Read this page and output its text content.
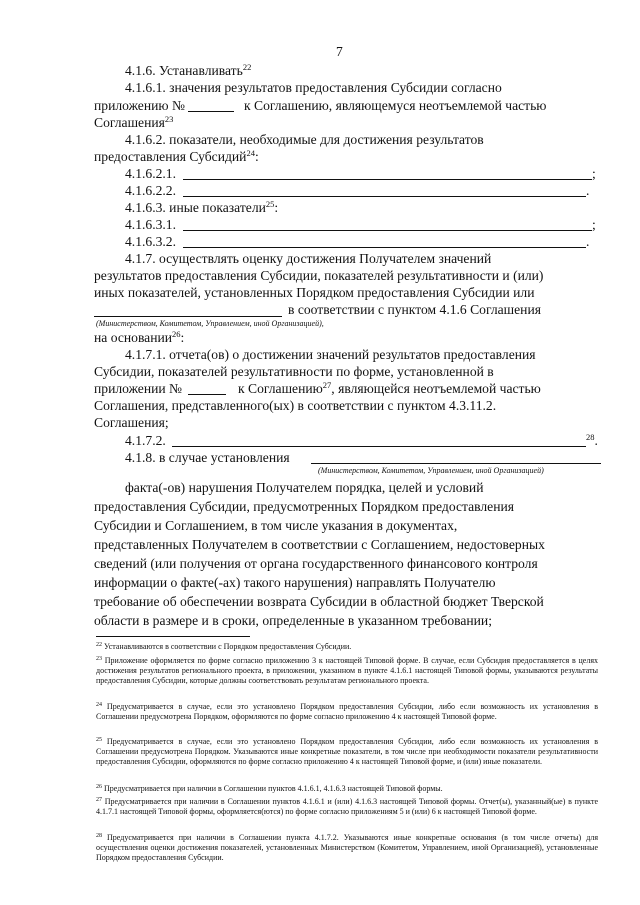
7
4.1.6. Устанавливать$^{22}$
4.1.6.1. значения результатов предоставления Субсидии согласно
приложению №	к Соглашению, являющемуся неотъемлемой частью
Соглашения$^{23}$
4.1.6.2. показатели, необходимые для достижения результатов
предоставления Субсидий$^{24}$:
4.1.6.2.1.	;
4.1.6.2.2.	.
4.1.6.3. иные показатели$^{25}$:
4.1.6.3.1.	;
4.1.6.3.2.	.
4.1.7. осуществлять оценку достижения Получателем значений
результатов предоставления Субсидии, показателей результативности и (или)
иных показателей, установленных Порядком предоставления Субсидии или
в соответствии с пунктом 4.1.6 Соглашения
(Министерством, Комитетом, Управлением, иной Организацией),
на основании$^{26}$:
4.1.7.1. отчета(ов) о достижении значений результатов предоставления
Субсидии, показателей результативности по форме, установленной в
приложении №	к Соглашению$^{27}$, являющейся неотъемлемой частью
Соглашения, представленного(ых) в соответствии с пунктом 4.3.11.2.
Соглашения;
4.1.7.2.	$^{28}$.
4.1.8. в случае установления
(Министерством, Комитетом, Управлением, иной Организацией)
факта(-ов) нарушения Получателем порядка, целей и условий
предоставления Субсидии, предусмотренных Порядком предоставления
Субсидии и Соглашением, в том числе указания в документах,
представленных Получателем в соответствии с Соглашением, недостоверных
сведений (или получения от органа государственного финансового контроля
информации о факте(-ах) такого нарушения) направлять Получателю
требование об обеспечении возврата Субсидии в областной бюджет Тверской
области в размере и в сроки, определенные в указанном требовании;
$^{22}$ Устанавливаются в соответствии с Порядком предоставления Субсидии.
$^{23}$ Приложение оформляется по форме согласно приложению 3 к настоящей Типовой форме. В случае, если Субсидия предоставляется в целях достижения результатов регионального проекта, в приложении, указанном в пункте 4.1.6.1 настоящей Типовой формы, указываются результаты предоставления Субсидии, которые должны соответствовать результатам регионального проекта.
$^{24}$ Предусматривается в случае, если это установлено Порядком предоставления Субсидии, либо если возможность их установления в Соглашении предусмотрена Порядком, оформляются по форме согласно приложению 4 к настоящей Типовой форме.
$^{25}$ Предусматривается в случае, если это установлено Порядком предоставления Субсидии, либо если возможность их установления в Соглашении предусмотрена Порядком. Указываются иные конкретные показатели, в том числе при необходимости показатели результативности предоставления Субсидии, оформляются по форме согласно приложению 4 к настоящей Типовой форме, и (или) иные показатели.
$^{26}$ Предусматривается при наличии в Соглашении пунктов 4.1.6.1, 4.1.6.3 настоящей Типовой формы.
$^{27}$ Предусматривается при наличии в Соглашении пунктов 4.1.6.1 и (или) 4.1.6.3 настоящей Типовой формы. Отчет(ы), указанный(ые) в пункте 4.1.7.1 настоящей Типовой формы, оформляется(ются) по форме согласно приложениям 5 и (или) 6 к настоящей Типовой форме.
$^{28}$ Предусматривается при наличии в Соглашении пункта 4.1.7.2. Указываются иные конкретные основания (в том числе отчеты) для осуществления оценки достижения показателей, установленных Министерством (Комитетом, Управлением, иной Организацией), установленные Порядком предоставления Субсидии.
